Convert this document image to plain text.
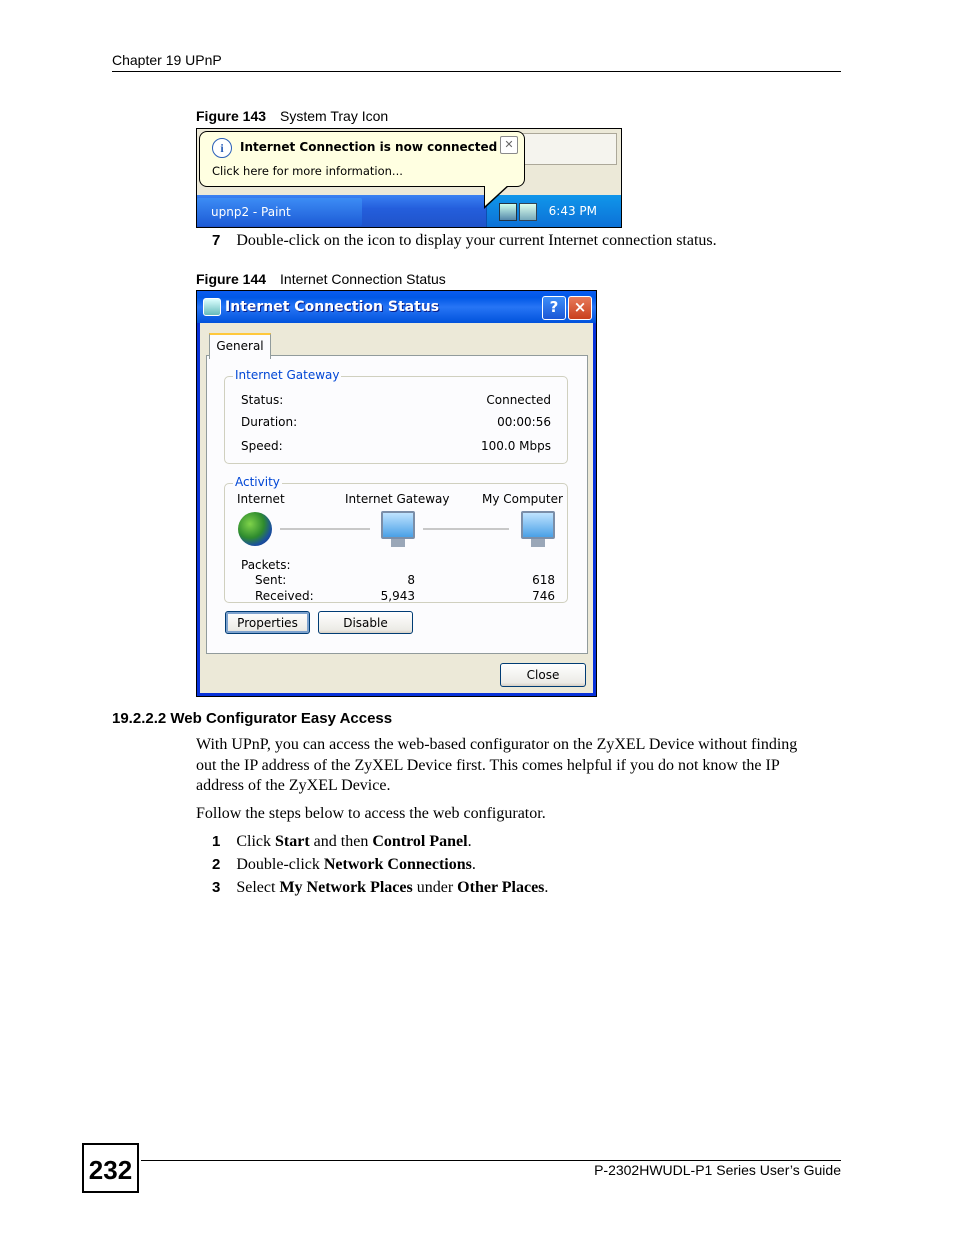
Chapter 19 UPnP
Figure 143 System Tray Icon
upnp2 - Paint	6:43 PM
i	Internet Connection is now connected
Click here for more information...
✕
7 Double-click on the icon to display your current Internet connection status.
Figure 144 Internet Connection Status
Internet Connection Status	?	×
General
Internet Gateway
Status:	Connected
Duration:	00:00:56
Speed:	100.0 Mbps
Activity
Internet	Internet Gateway	My Computer
Packets:
Sent:	8	618
Received:	5,943	746
Properties	Disable
Close
19.2.2.2 Web Configurator Easy Access
With UPnP, you can access the web-based configurator on the ZyXEL Device without finding
out the IP address of the ZyXEL Device first. This comes helpful if you do not know the IP
address of the ZyXEL Device.
Follow the steps below to access the web configurator.
1 Click Start and then Control Panel.
2 Double-click Network Connections.
3 Select My Network Places under Other Places.
232	P-2302HWUDL-P1 Series User’s Guide
